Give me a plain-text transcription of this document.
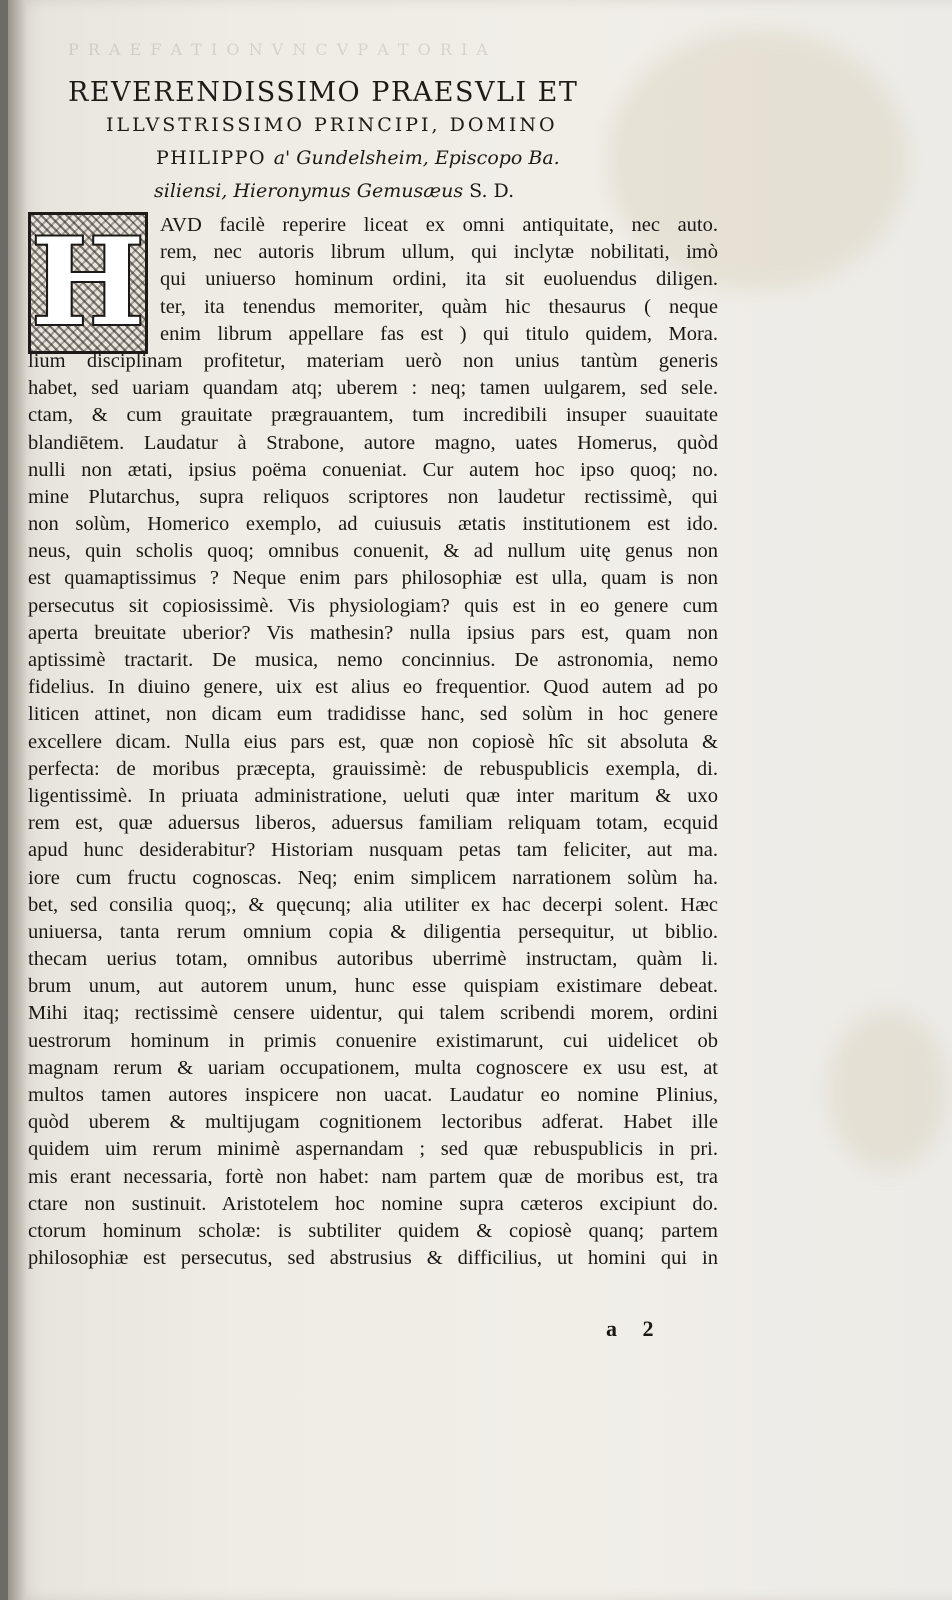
P R A E F A T I O N V N C V P A T O R I A
REVERENDISSIMO PRAESVLI ET
ILLVSTRISSIMO PRINCIPI, DOMINO
PHILIPPO a' Gundelsheim, Episcopo Ba.
siliensi, Hieronymus Gemusæus S. D.
H AVD facilè reperire liceat ex omni antiquitate, nec auto.
rem, nec autoris librum ullum, qui inclytæ nobilitati, imò
qui uniuerso hominum ordini, ita sit euoluendus diligen.
ter, ita tenendus memoriter, quàm hic thesaurus ( neque
enim librum appellare fas est ) qui titulo quidem, Mora.
lium disciplinam profitetur, materiam uerò non unius tantùm generis
habet, sed uariam quandam atq; uberem : neq; tamen uulgarem, sed sele.
ctam, & cum grauitate prægrauantem, tum incredibili insuper suauitate
blandiētem. Laudatur à Strabone, autore magno, uates Homerus, quòd
nulli non ætati, ipsius poëma conueniat. Cur autem hoc ipso quoq; no.
mine Plutarchus, supra reliquos scriptores non laudetur rectissimè, qui
non solùm, Homerico exemplo, ad cuiusuis ætatis institutionem est ido.
neus, quin scholis quoq; omnibus conuenit, & ad nullum uitę genus non
est quamaptissimus ? Neque enim pars philosophiæ est ulla, quam is non
persecutus sit copiosissimè. Vis physiologiam? quis est in eo genere cum
aperta breuitate uberior? Vis mathesin? nulla ipsius pars est, quam non
aptissimè tractarit. De musica, nemo concinnius. De astronomia, nemo
fidelius. In diuino genere, uix est alius eo frequentior. Quod autem ad po
liticen attinet, non dicam eum tradidisse hanc, sed solùm in hoc genere
excellere dicam. Nulla eius pars est, quæ non copiosè hîc sit absoluta &
perfecta: de moribus præcepta, grauissimè: de rebuspublicis exempla, di.
ligentissimè. In priuata administratione, ueluti quæ inter maritum & uxo
rem est, quæ aduersus liberos, aduersus familiam reliquam totam, ecquid
apud hunc desiderabitur? Historiam nusquam petas tam feliciter, aut ma.
iore cum fructu cognoscas. Neq; enim simplicem narrationem solùm ha.
bet, sed consilia quoq;, & quęcunq; alia utiliter ex hac decerpi solent. Hæc
uniuersa, tanta rerum omnium copia & diligentia persequitur, ut biblio.
thecam uerius totam, omnibus autoribus uberrimè instructam, quàm li.
brum unum, aut autorem unum, hunc esse quispiam existimare debeat.
Mihi itaq; rectissimè censere uidentur, qui talem scribendi morem, ordini
uestrorum hominum in primis conuenire existimarunt, cui uidelicet ob
magnam rerum & uariam occupationem, multa cognoscere ex usu est, at
multos tamen autores inspicere non uacat. Laudatur eo nomine Plinius,
quòd uberem & multijugam cognitionem lectoribus adferat. Habet ille
quidem uim rerum minimè aspernandam ; sed quæ rebuspublicis in pri.
mis erant necessaria, fortè non habet: nam partem quæ de moribus est, tra
ctare non sustinuit. Aristotelem hoc nomine supra cæteros excipiunt do.
ctorum hominum scholæ: is subtiliter quidem & copiosè quanq; partem
philosophiæ est persecutus, sed abstrusius & difficilius, ut homini qui in
a 2
